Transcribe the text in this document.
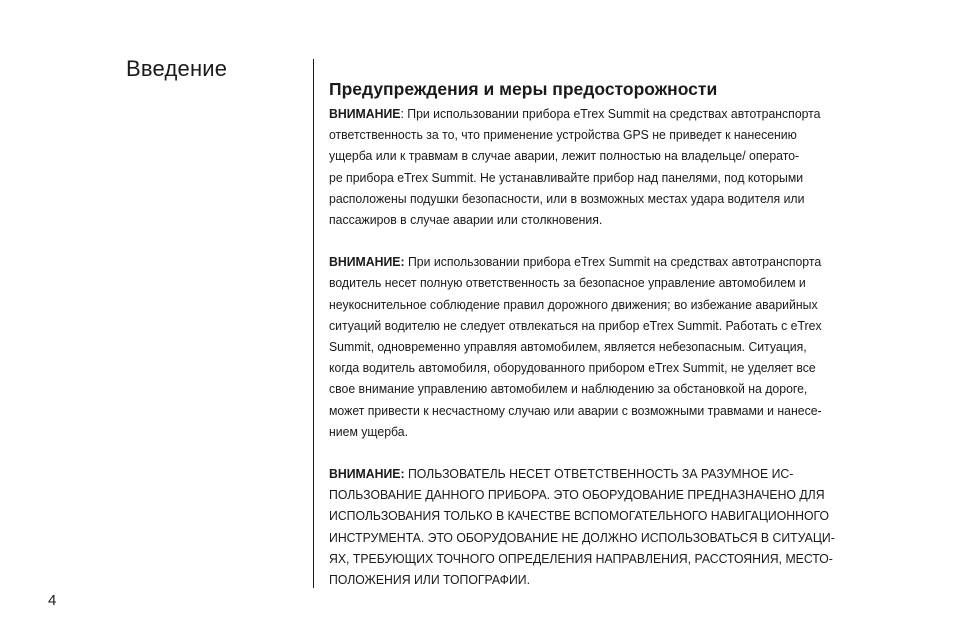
Введение
Предупреждения и меры предосторожности

ВНИМАНИЕ: При использовании прибора eTrex Summit на средствах автотранспорта
ответственность за то, что применение устройства GPS не приведет к нанесению
ущерба или к травмам в случае аварии, лежит полностью на владельце/ операто-
ре прибора eTrex Summit. Не устанавливайте прибор над панелями, под которыми
расположены подушки безопасности, или в возможных местах удара водителя или
пассажиров в случае аварии или столкновения.

ВНИМАНИЕ: При использовании прибора eTrex Summit на средствах автотранспорта
водитель несет полную ответственность за безопасное управление автомобилем и
неукоснительное соблюдение правил дорожного движения; во избежание аварийных
ситуаций водителю не следует отвлекаться на прибор eTrex Summit. Работать с eTrex
Summit, одновременно управляя автомобилем, является небезопасным. Ситуация,
когда водитель автомобиля, оборудованного прибором eTrex Summit, не уделяет все
свое внимание управлению автомобилем и наблюдению за обстановкой на дороге,
может привести к несчастному случаю или аварии с возможными травмами и нанесе-
нием ущерба.

ВНИМАНИЕ: ПОЛЬЗОВАТЕЛЬ НЕСЕТ ОТВЕТСТВЕННОСТЬ ЗА РАЗУМНОЕ ИС-
ПОЛЬЗОВАНИЕ ДАННОГО ПРИБОРА. ЭТО ОБОРУДОВАНИЕ ПРЕДНАЗНАЧЕНО ДЛЯ
ИСПОЛЬЗОВАНИЯ ТОЛЬКО В КАЧЕСТВЕ ВСПОМОГАТЕЛЬНОГО НАВИГАЦИОННОГО
ИНСТРУМЕНТА. ЭТО ОБОРУДОВАНИЕ НЕ ДОЛЖНО ИСПОЛЬЗОВАТЬСЯ В СИТУАЦИ-
ЯХ, ТРЕБУЮЩИХ ТОЧНОГО ОПРЕДЕЛЕНИЯ НАПРАВЛЕНИЯ, РАССТОЯНИЯ, МЕСТО-
ПОЛОЖЕНИЯ ИЛИ ТОПОГРАФИИ.

4
